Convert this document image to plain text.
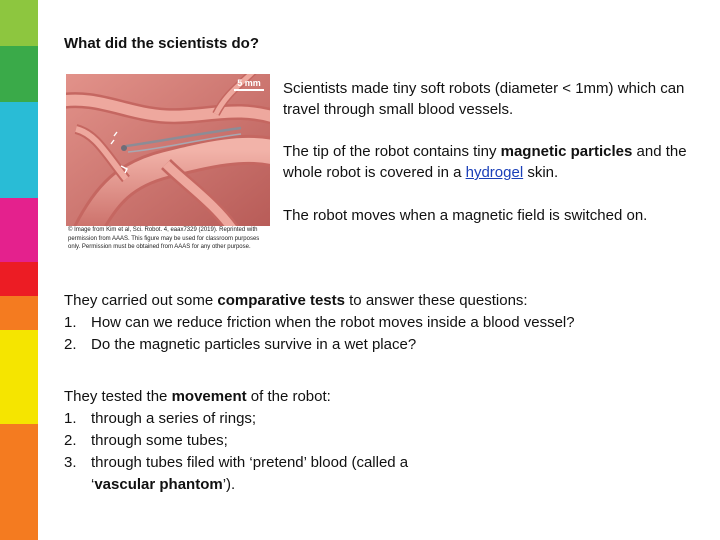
What did the scientists do?
5 mm
© Image from Kim et al, Sci. Robot. 4, eaax7329 (2019). Reprinted with permission from AAAS. This figure may be used for classroom purposes only. Permission must be obtained from AAAS for any other purpose.

Scientists made tiny soft robots (diameter < 1mm) which can travel through small blood vessels.

The tip of the robot contains tiny magnetic particles and the whole robot is covered in a hydrogel skin.

The robot moves when a magnetic field is switched on.

They carried out some comparative tests to answer these questions:
1. How can we reduce friction when the robot moves inside a blood vessel?
2. Do the magnetic particles survive in a wet place?
They tested the movement of the robot:
1. through a series of rings;
2. through some tubes;
3. through tubes filed with ‘pretend’ blood (called a ‘vascular phantom’).
